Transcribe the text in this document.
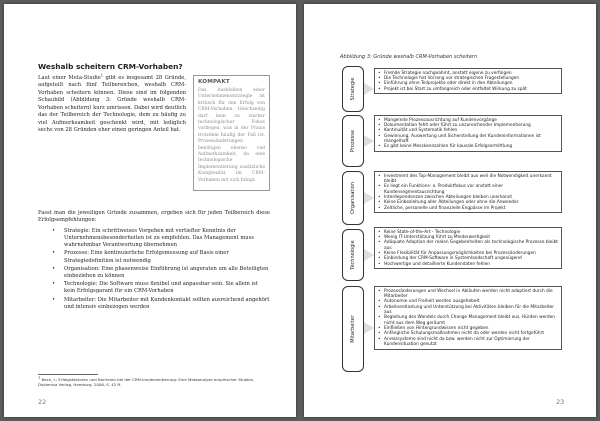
Weshalb scheitern CRM-Vorhaben?
Laut einer Meta-Studie$^1$ gibt es insgesamt 28 Gründe, aufgeteilt nach fünf Teilbereichen, weshalb CRM-Vorhaben scheitern können. Diese sind im folgenden Schaubild (Abbildung 3: Gründe weshalb CRM-Vorhaben scheitern) kurz umrissen. Dabei wird deutlich das der Teilbereich der Technologie, dem zu häufig zu viel Aufmerksamkeit geschenkt wird, mit lediglich sechs von 28 Gründen eher einen geringen Anteil hat.
KOMPAKT
Das Ausbleiben einer Unternehmensstrategie ist kritisch für den Erfolg von CRM-Vorhaben. Gleichzeitig darf kein zu starker technologischer Fokus vorliegen, was in der Praxis trotzdem häufig der Fall ist. Prozessänderungen benötigen ebenso viel Aufmerksamkeit, da eine technologische Implementierung zusätzliche Komplexität im CRM-Vorhaben mit sich bringt.
Fasst man die jeweiligen Gründe zusammen, ergeben sich für jeden Teilbereich diese Erfolgsempfehlungen:
• Strategie: Ein schrittweises Vorgehen mit vertiefter Kenntnis der Unternehmensbesonderheiten ist zu empfehlen. Das Management muss wahrnehmbar Verantwortung übernehmen
• Prozesse: Eine kontinuierliche Erfolgsmessung auf Basis einer Strategiedefinition ist notwendig
• Organisation: Eine phasenweise Einführung ist angeraten um alle Beteiligten einbeziehen zu können
• Technologie: Die Software muss flexibel und anpassbar sein. Sie allein ist kein Erfolgsgarant für ein CRM-Vorhaben
• Mitarbeiter: Die Mitarbeiter mit Kundenkontakt sollten ausreichend angehört und intensiv einbezogen werden
$^1$ Beck, I.: Erfolgsfaktoren und Barrieren bei der CRM-Implementierung: Eine Metaanalyse empirischer Studien, Diplomica Verlag, Hamburg, 2006, S. 42 ff.
22
Abbildung 3: Gründe weshalb CRM-Vorhaben scheitern
Strategie
• Fremde Strategie nachgeahmt, anstatt eigene zu verfolgen
• Die Technologie hat Vorrang vor strategischen Fragestellungen
• Einführung ohne Teilprojekte oder direkt in den Abteilungen
• Projekt ist bei Start zu umfangreich oder entfaltet Wirkung zu spät
Prozesse
• Mangelnde Prozessausrichtung auf Kundenvorgänge
• Dokumentation fehlt oder führt zu unzureichender Implementierung
• Kontinuität und Systematik fehlen
• Gewinnung, Auswertung und Sicherstellung der Kundeninformationen ist mangelhaft
• Es gibt keine Messkennzahlen für kausale Erfolgsermittlung
Organisation
• Investment des Top-Management bleibt aus weil die Notwendigkeit unerkannt bleibt
• Es liegt ein Funktions- o. Produktfokus vor anstatt einer Kundensegmentausrichtung
• Interdependenzen zwischen Abteilungen bleiben unerkannt
• Keine Einbeziehung aller Abteilungen oder ohne die Anwender
• Zeitliche, personelle und finanzielle Engpässe im Projekt
Technologie
• Keine State-of-the-Art - Technologie
• Wenig IT-Unterstützung führt zu Minderwertigkeit
• Adäquate Adaption der realen Gegebenheiten als technologische Prozesse bleibt aus
• Keine Flexibilität für Anpassungsmöglichkeiten bei Prozessänderungen
• Einbindung der CRM-Software in Systemlandschaft ungenügend
• Hochwertige und detaillierte Kundendaten fehlen
Mitarbeiter
• Prozessänderungen und Wechsel in Abläufen werden nicht adaptiert durch die Mitarbeiter
• Autonomie und Freiheit werden ausgehebelt
• Arbeitsentlastung und Unterstützung bei Aktivitäten bleiben für die Mitarbeiter aus
• Begleitung des Wandels durch Change Management bleibt aus, Hürden werden nicht aus dem Weg geräumt
• Einfließen von Hintergrundwissen nicht gegeben
• Anfängliche Schulungsmaßnahmen nicht da oder werden nicht fortgeführt
• Anreizsysteme sind nicht da bzw. werden nicht zur Optimierung der Kundensituation genutzt
23
